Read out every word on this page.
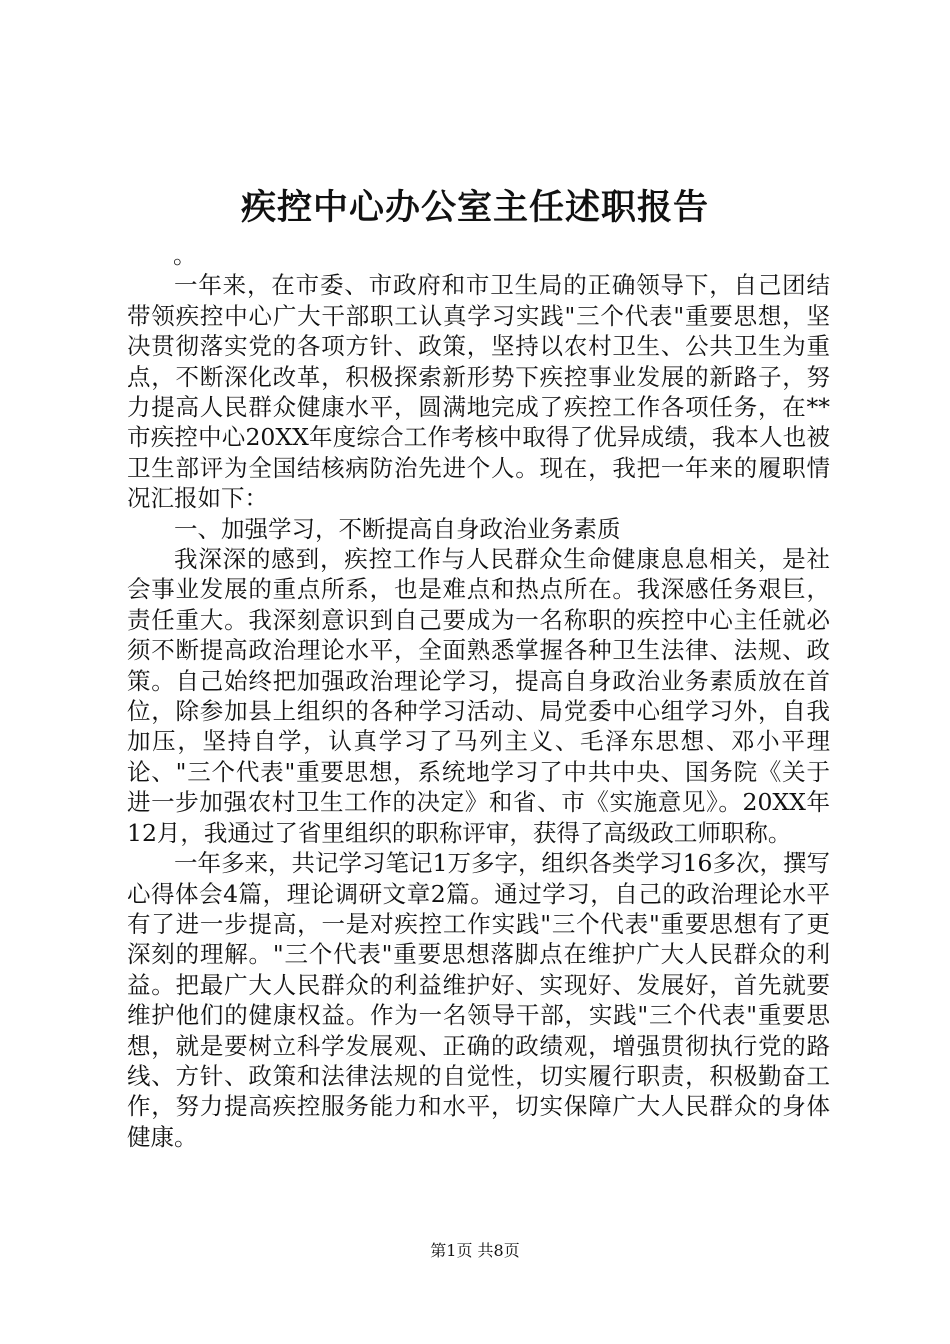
疾控中心办公室主任述职报告
。

一年来，在市委、市政府和市卫生局的正确领导下，自己团结带领疾控中心广大干部职工认真学习实践"三个代表"重要思想，坚决贯彻落实党的各项方针、政策，坚持以农村卫生、公共卫生为重点，不断深化改革，积极探索新形势下疾控事业发展的新路子，努力提高人民群众健康水平，圆满地完成了疾控工作各项任务，在**市疾控中心20XX年度综合工作考核中取得了优异成绩，我本人也被卫生部评为全国结核病防治先进个人。现在，我把一年来的履职情况汇报如下：

一、加强学习，不断提高自身政治业务素质

我深深的感到，疾控工作与人民群众生命健康息息相关，是社会事业发展的重点所系，也是难点和热点所在。我深感任务艰巨，责任重大。我深刻意识到自己要成为一名称职的疾控中心主任就必须不断提高政治理论水平，全面熟悉掌握各种卫生法律、法规、政策。自己始终把加强政治理论学习，提高自身政治业务素质放在首位，除参加县上组织的各种学习活动、局党委中心组学习外，自我加压，坚持自学，认真学习了马列主义、毛泽东思想、邓小平理论、"三个代表"重要思想，系统地学习了中共中央、国务院《关于进一步加强农村卫生工作的决定》和省、市《实施意见》。20XX年12月，我通过了省里组织的职称评审，获得了高级政工师职称。

一年多来，共记学习笔记1万多字，组织各类学习16多次，撰写心得体会4篇，理论调研文章2篇。通过学习，自己的政治理论水平有了进一步提高，一是对疾控工作实践"三个代表"重要思想有了更深刻的理解。"三个代表"重要思想落脚点在维护广大人民群众的利益。把最广大人民群众的利益维护好、实现好、发展好，首先就要维护他们的健康权益。作为一名领导干部，实践"三个代表"重要思想，就是要树立科学发展观、正确的政绩观，增强贯彻执行党的路线、方针、政策和法律法规的自觉性，切实履行职责，积极勤奋工作，努力提高疾控服务能力和水平，切实保障广大人民群众的身体健康。

第1页 共8页
